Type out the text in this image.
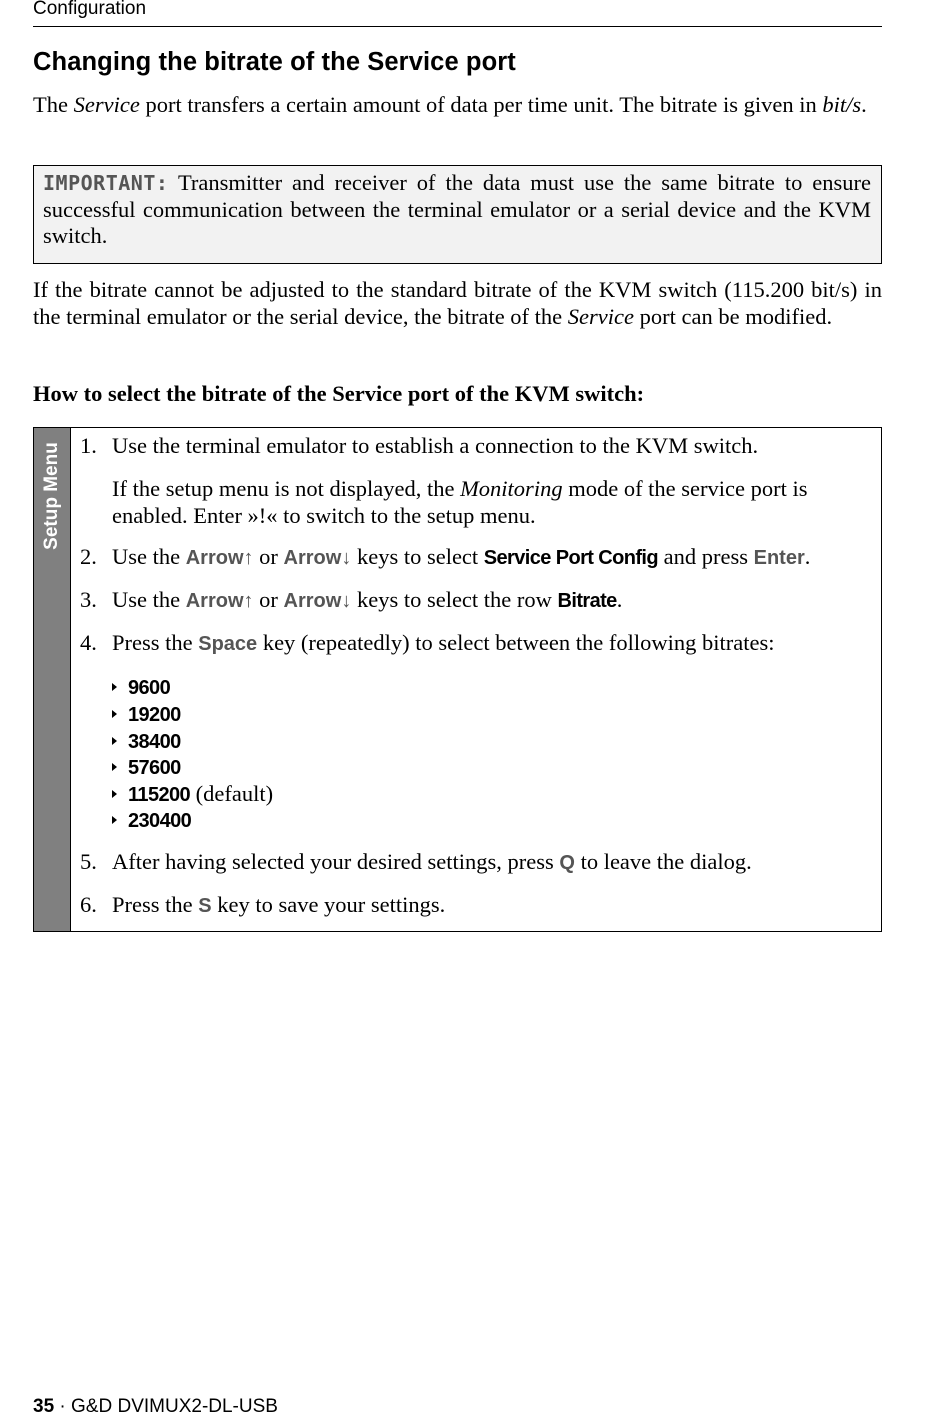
Configuration
Changing the bitrate of the Service port

The Service port transfers a certain amount of data per time unit. The bitrate is given in bit/s.

IMPORTANT: Transmitter and receiver of the data must use the same bitrate to ensure successful communication between the terminal emulator or a serial device and the KVM switch.

If the bitrate cannot be adjusted to the standard bitrate of the KVM switch (115.200 bit/s) in the terminal emulator or the serial device, the bitrate of the Service port can be modified.

How to select the bitrate of the Service port of the KVM switch:

Setup Menu 1. Use the terminal emulator to establish a connection to the KVM switch.

If the setup menu is not displayed, the Monitoring mode of the service port is enabled. Enter »!« to switch to the setup menu.

2. Use the Arrow↑ or Arrow↓ keys to select Service Port Config and press Enter.
3. Use the Arrow↑ or Arrow↓ keys to select the row Bitrate.
4. Press the Space key (repeatedly) to select between the following bitrates:
9600
19200
38400
57600
115200 (default)
230400
5. After having selected your desired settings, press Q to leave the dialog.
6. Press the S key to save your settings.
35 · G&D DVIMUX2-DL-USB
